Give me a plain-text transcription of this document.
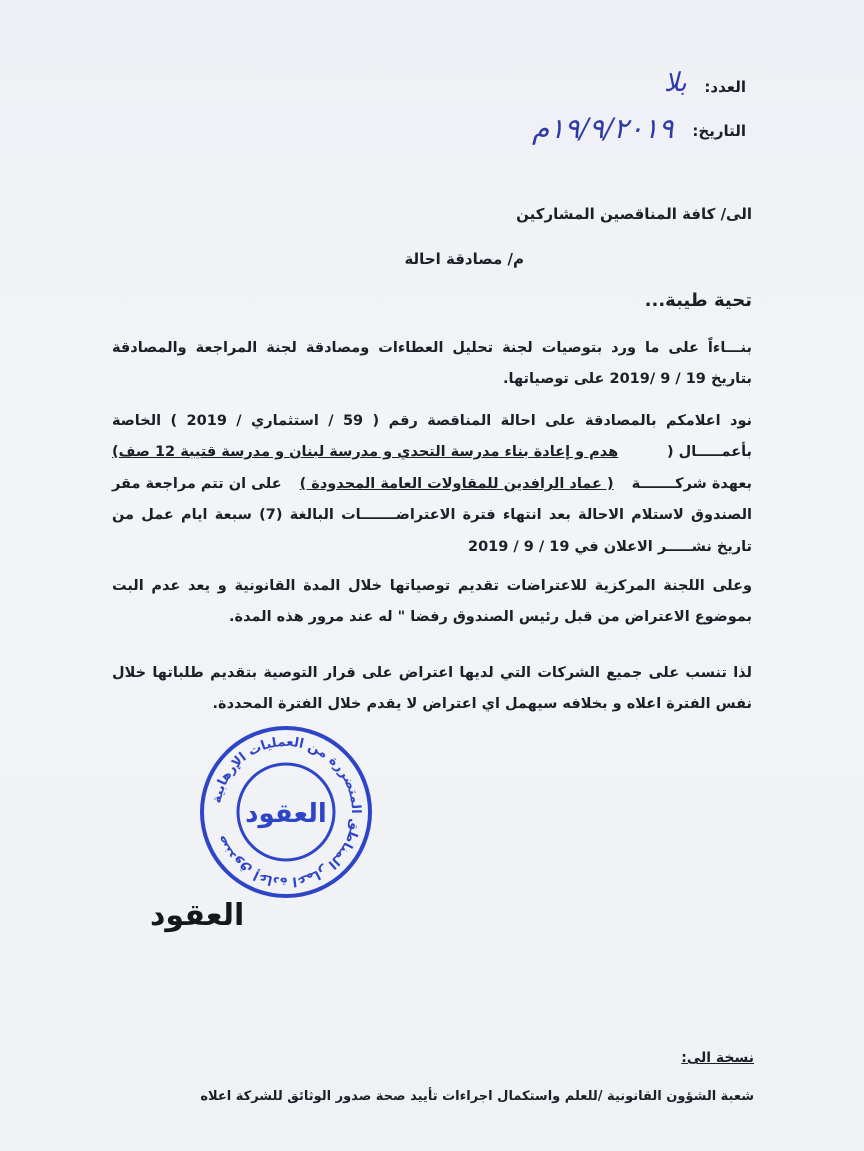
العدد:
بلا
التاريخ:
١٩/٩/٢٠١٩م
الى/ كافة المناقصين المشاركين
م/ مصادقة احالة
تحية طيبة...
بنـــاءاً على ما ورد بتوصيات لجنة تحليل العطاءات ومصادقة لجنة المراجعة والمصادقة
بتاريخ 19 / 9 /2019 على توصياتها.
نود اعلامكم بالمصادقة على احالة المناقصة رقم ( 59 / استثماري / 2019 ) الخاصة
بأعمـــــال (
هدم و إعادة بناء مدرسة التحدي و مدرسة لبنان و مدرسة قتيبة 12 صف)
بعهدة شركـــــــة
( عماد الرافدين للمقاولات العامة المحدودة )
على ان تتم مراجعة مقر
الصندوق لاستلام الاحالة بعد انتهاء فترة الاعتراضـــــــات البالغة (7) سبعة ايام عمل من
تاريخ نشـــــر الاعلان في 19 / 9 / 2019
وعلى اللجنة المركزية للاعتراضات تقديم توصياتها خلال المدة القانونية و يعد عدم البت
بموضوع الاعتراض من قبل رئيس الصندوق رفضا " له عند مرور هذه المدة.
لذا تنسب على جميع الشركات التي لديها اعتراض على قرار التوصية بتقديم طلباتها خلال
نفس الفترة اعلاه و بخلافه سيهمل اي اعتراض لا يقدم خلال الفترة المحددة.
صندوق إعادة اعمار المناطق المتضررة من العمليات الإرهابية
العقود
العقود
نسخة الى:
شعبة الشؤون القانونية /للعلم واستكمال اجراءات تأييد صحة صدور الوثائق للشركة اعلاه
